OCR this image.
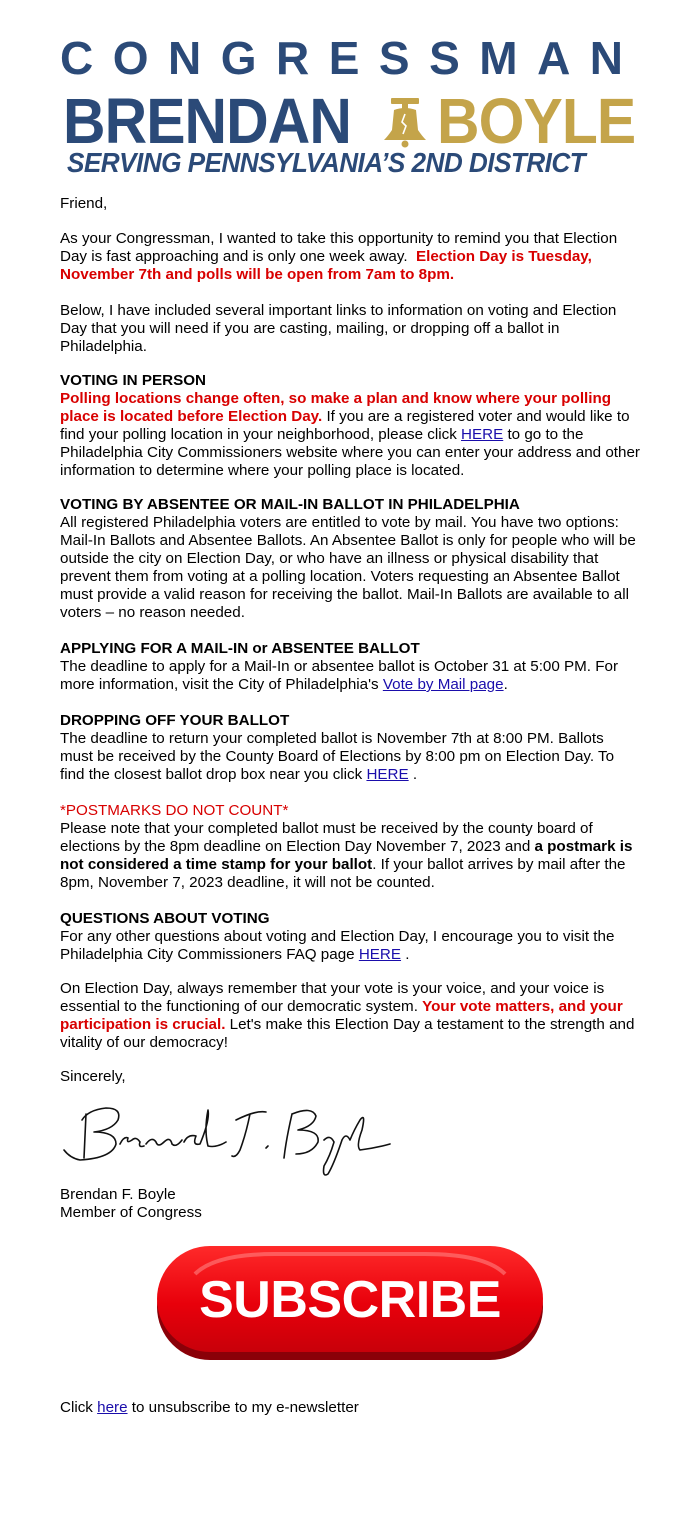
CONGRESSMAN
BRENDAN BOYLE
SERVING PENNSYLVANIA’S 2ND DISTRICT

Friend,

As your Congressman, I wanted to take this opportunity to remind you that Election Day is fast approaching and is only one week away.  Election Day is Tuesday, November 7th and polls will be open from 7am to 8pm.

Below, I have included several important links to information on voting and Election Day that you will need if you are casting, mailing, or dropping off a ballot in Philadelphia.

VOTING IN PERSON

Polling locations change often, so make a plan and know where your polling place is located before Election Day. If you are a registered voter and would like to find your polling location in your neighborhood, please click HERE to go to the Philadelphia City Commissioners website where you can enter your address and other information to determine where your polling place is located.

VOTING BY ABSENTEE OR MAIL-IN BALLOT IN PHILADELPHIA

All registered Philadelphia voters are entitled to vote by mail. You have two options: Mail-In Ballots and Absentee Ballots. An Absentee Ballot is only for people who will be outside the city on Election Day, or who have an illness or physical disability that prevent them from voting at a polling location. Voters requesting an Absentee Ballot must provide a valid reason for receiving the ballot. Mail-In Ballots are available to all voters – no reason needed.

APPLYING FOR A MAIL-IN or ABSENTEE BALLOT

The deadline to apply for a Mail-In or absentee ballot is October 31 at 5:00 PM. For more information, visit the City of Philadelphia's Vote by Mail page.

DROPPING OFF YOUR BALLOT

The deadline to return your completed ballot is November 7th at 8:00 PM. Ballots must be received by the County Board of Elections by 8:00 pm on Election Day. To find the closest ballot drop box near you click HERE .

*POSTMARKS DO NOT COUNT*

Please note that your completed ballot must be received by the county board of elections by the 8pm deadline on Election Day November 7, 2023 and a postmark is not considered a time stamp for your ballot. If your ballot arrives by mail after the 8pm, November 7, 2023 deadline, it will not be counted.

QUESTIONS ABOUT VOTING

For any other questions about voting and Election Day, I encourage you to visit the Philadelphia City Commissioners FAQ page HERE .

On Election Day, always remember that your vote is your voice, and your voice is essential to the functioning of our democratic system. Your vote matters, and your participation is crucial. Let's make this Election Day a testament to the strength and vitality of our democracy!

Sincerely,

Brendan F. Boyle
Member of Congress
SUBSCRIBE

Click here to unsubscribe to my e-newsletter
